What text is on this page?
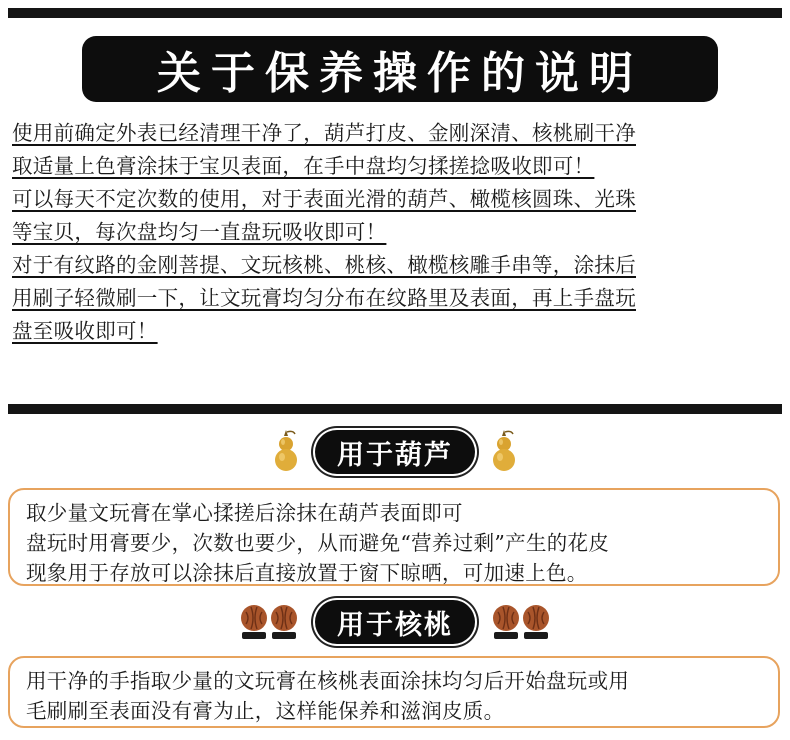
关于保养操作的说明

使用前确定外表已经清理干净了，葫芦打皮、金刚深清、核桃刷干净

取适量上色膏涂抹于宝贝表面，在手中盘均匀揉搓捻吸收即可！

可以每天不定次数的使用，对于表面光滑的葫芦、橄榄核圆珠、光珠

等宝贝，每次盘均匀一直盘玩吸收即可！

对于有纹路的金刚菩提、文玩核桃、桃核、橄榄核雕手串等，涂抹后

用刷子轻微刷一下，让文玩膏均匀分布在纹路里及表面，再上手盘玩

盘至吸收即可！

用于葫芦

取少量文玩膏在掌心揉搓后涂抹在葫芦表面即可

盘玩时用膏要少，次数也要少，从而避免“营养过剩”产生的花皮

现象用于存放可以涂抹后直接放置于窗下晾晒，可加速上色。

用于核桃

用干净的手指取少量的文玩膏在核桃表面涂抹均匀后开始盘玩或用

毛刷刷至表面没有膏为止，这样能保养和滋润皮质。
